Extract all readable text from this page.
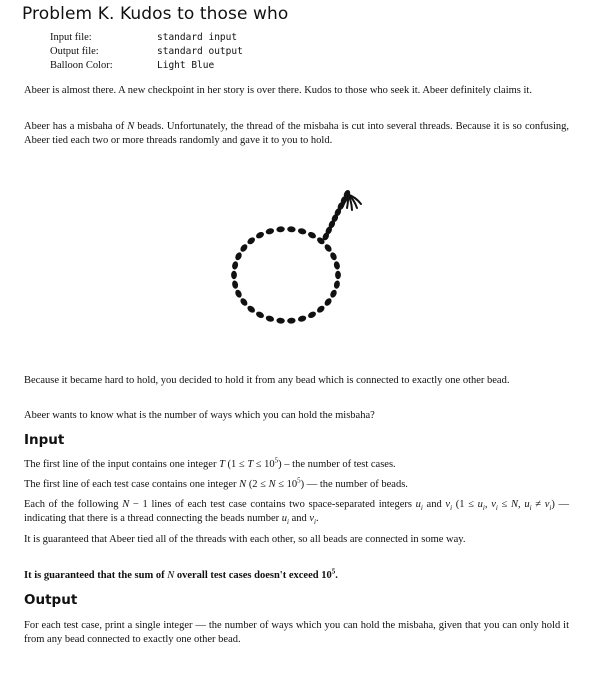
Problem K. Kudos to those who
Input file:	standard input
Output file:	standard output
Balloon Color:	Light Blue

Abeer is almost there. A new checkpoint in her story is over there. Kudos to those who seek it. Abeer definitely claims it.

Abeer has a misbaha of N beads. Unfortunately, the thread of the misbaha is cut into several threads. Because it is so confusing, Abeer tied each two or more threads randomly and gave it to you to hold.

Because it became hard to hold, you decided to hold it from any bead which is connected to exactly one other bead.

Abeer wants to know what is the number of ways which you can hold the misbaha?

Input

The first line of the input contains one integer T $(1 \le T \le 10^5)$ – the number of test cases.

The first line of each test case contains one integer N $(2 \le N \le 10^5)$ — the number of beads.

Each of the following N − 1 lines of each test case contains two space-separated integers $u_i$ and $v_i$ ($1 \le u_i$, $v_i \le N$, $u_i \ne v_i$) — indicating that there is a thread connecting the beads number $u_i$ and $v_i$.

It is guaranteed that Abeer tied all of the threads with each other, so all beads are connected in some way.

It is guaranteed that the sum of N overall test cases doesn't exceed $10^5$.

Output

For each test case, print a single integer — the number of ways which you can hold the misbaha, given that you can only hold it from any bead connected to exactly one other bead.
